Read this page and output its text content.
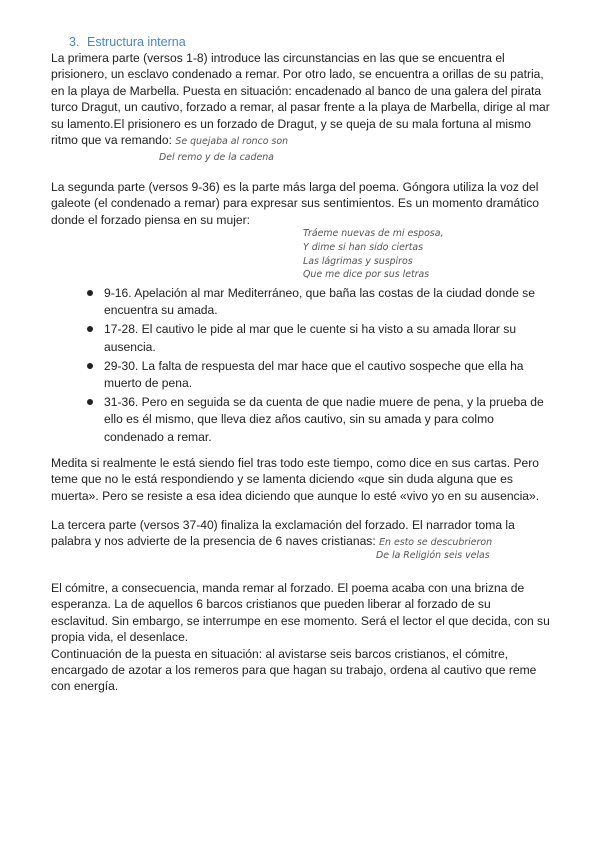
3. Estructura interna
La primera parte (versos 1-8) introduce las circunstancias en las que se encuentra el
prisionero, un esclavo condenado a remar. Por otro lado, se encuentra a orillas de su patria,
en la playa de Marbella. Puesta en situación: encadenado al banco de una galera del pirata
turco Dragut, un cautivo, forzado a remar, al pasar frente a la playa de Marbella, dirige al mar
su lamento.El prisionero es un forzado de Dragut, y se queja de su mala fortuna al mismo
ritmo que va remando: Se quejaba al ronco son
Del remo y de la cadena
La segunda parte (versos 9-36) es la parte más larga del poema. Góngora utiliza la voz del
galeote (el condenado a remar) para expresar sus sentimientos. Es un momento dramático
donde el forzado piensa en su mujer:
Tráeme nuevas de mi esposa,
Y dime si han sido ciertas
Las lágrimas y suspiros
Que me dice por sus letras
9-16. Apelación al mar Mediterráneo, que baña las costas de la ciudad donde se
encuentra su amada.
17-28. El cautivo le pide al mar que le cuente si ha visto a su amada llorar su
ausencia.
29-30. La falta de respuesta del mar hace que el cautivo sospeche que ella ha
muerto de pena.
31-36. Pero en seguida se da cuenta de que nadie muere de pena, y la prueba de
ello es él mismo, que lleva diez años cautivo, sin su amada y para colmo
condenado a remar.
Medita si realmente le está siendo fiel tras todo este tiempo, como dice en sus cartas. Pero
teme que no le está respondiendo y se lamenta diciendo «que sin duda alguna que es
muerta». Pero se resiste a esa idea diciendo que aunque lo esté «vivo yo en su ausencia».
La tercera parte (versos 37-40) finaliza la exclamación del forzado. El narrador toma la
palabra y nos advierte de la presencia de 6 naves cristianas: En esto se descubrieron
De la Religión seis velas
El cómitre, a consecuencia, manda remar al forzado. El poema acaba con una brizna de
esperanza. La de aquellos 6 barcos cristianos que pueden liberar al forzado de su
esclavitud. Sin embargo, se interrumpe en ese momento. Será el lector el que decida, con su
propia vida, el desenlace.
Continuación de la puesta en situación: al avistarse seis barcos cristianos, el cómitre,
encargado de azotar a los remeros para que hagan su trabajo, ordena al cautivo que reme
con energía.
